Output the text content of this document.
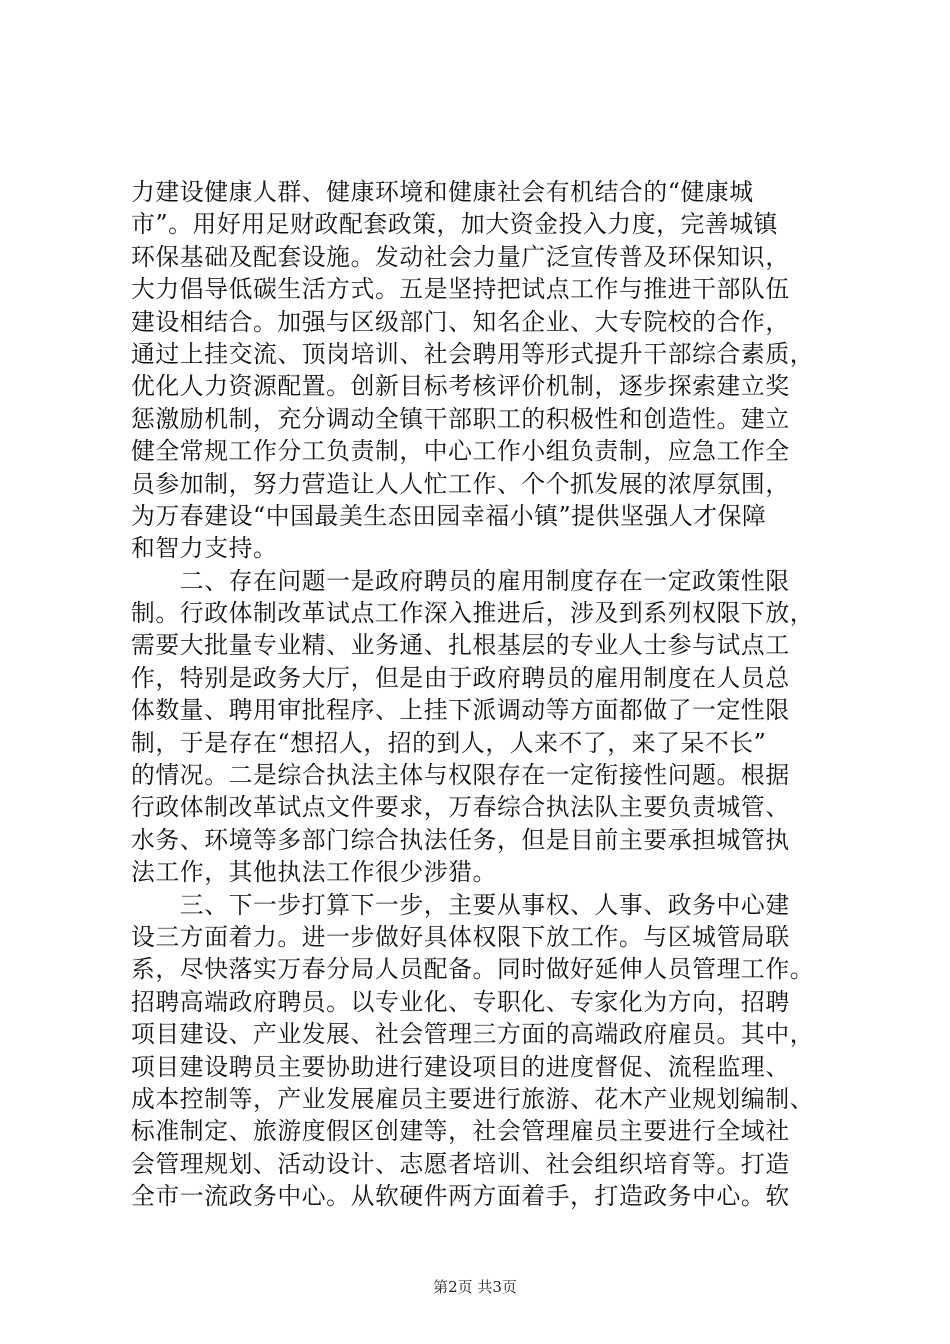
力建设健康人群、健康环境和健康社会有机结合的“健康城
市”。用好用足财政配套政策，加大资金投入力度，完善城镇
环保基础及配套设施。发动社会力量广泛宣传普及环保知识，
大力倡导低碳生活方式。五是坚持把试点工作与推进干部队伍
建设相结合。加强与区级部门、知名企业、大专院校的合作，
通过上挂交流、顶岗培训、社会聘用等形式提升干部综合素质，
优化人力资源配置。创新目标考核评价机制，逐步探索建立奖
惩激励机制，充分调动全镇干部职工的积极性和创造性。建立
健全常规工作分工负责制，中心工作小组负责制，应急工作全
员参加制，努力营造让人人忙工作、个个抓发展的浓厚氛围，
为万春建设“中国最美生态田园幸福小镇”提供坚强人才保障
和智力支持。
　　二、存在问题一是政府聘员的雇用制度存在一定政策性限
制。行政体制改革试点工作深入推进后，涉及到系列权限下放，
需要大批量专业精、业务通、扎根基层的专业人士参与试点工
作，特别是政务大厅，但是由于政府聘员的雇用制度在人员总
体数量、聘用审批程序、上挂下派调动等方面都做了一定性限
制，于是存在“想招人，招的到人，人来不了，来了呆不长”
的情况。二是综合执法主体与权限存在一定衔接性问题。根据
行政体制改革试点文件要求，万春综合执法队主要负责城管、
水务、环境等多部门综合执法任务，但是目前主要承担城管执
法工作，其他执法工作很少涉猎。
　　三、下一步打算下一步，主要从事权、人事、政务中心建
设三方面着力。进一步做好具体权限下放工作。与区城管局联
系，尽快落实万春分局人员配备。同时做好延伸人员管理工作。
招聘高端政府聘员。以专业化、专职化、专家化为方向，招聘
项目建设、产业发展、社会管理三方面的高端政府雇员。其中，
项目建设聘员主要协助进行建设项目的进度督促、流程监理、
成本控制等，产业发展雇员主要进行旅游、花木产业规划编制、
标准制定、旅游度假区创建等，社会管理雇员主要进行全域社
会管理规划、活动设计、志愿者培训、社会组织培育等。打造
全市一流政务中心。从软硬件两方面着手，打造政务中心。软
第2页 共3页
